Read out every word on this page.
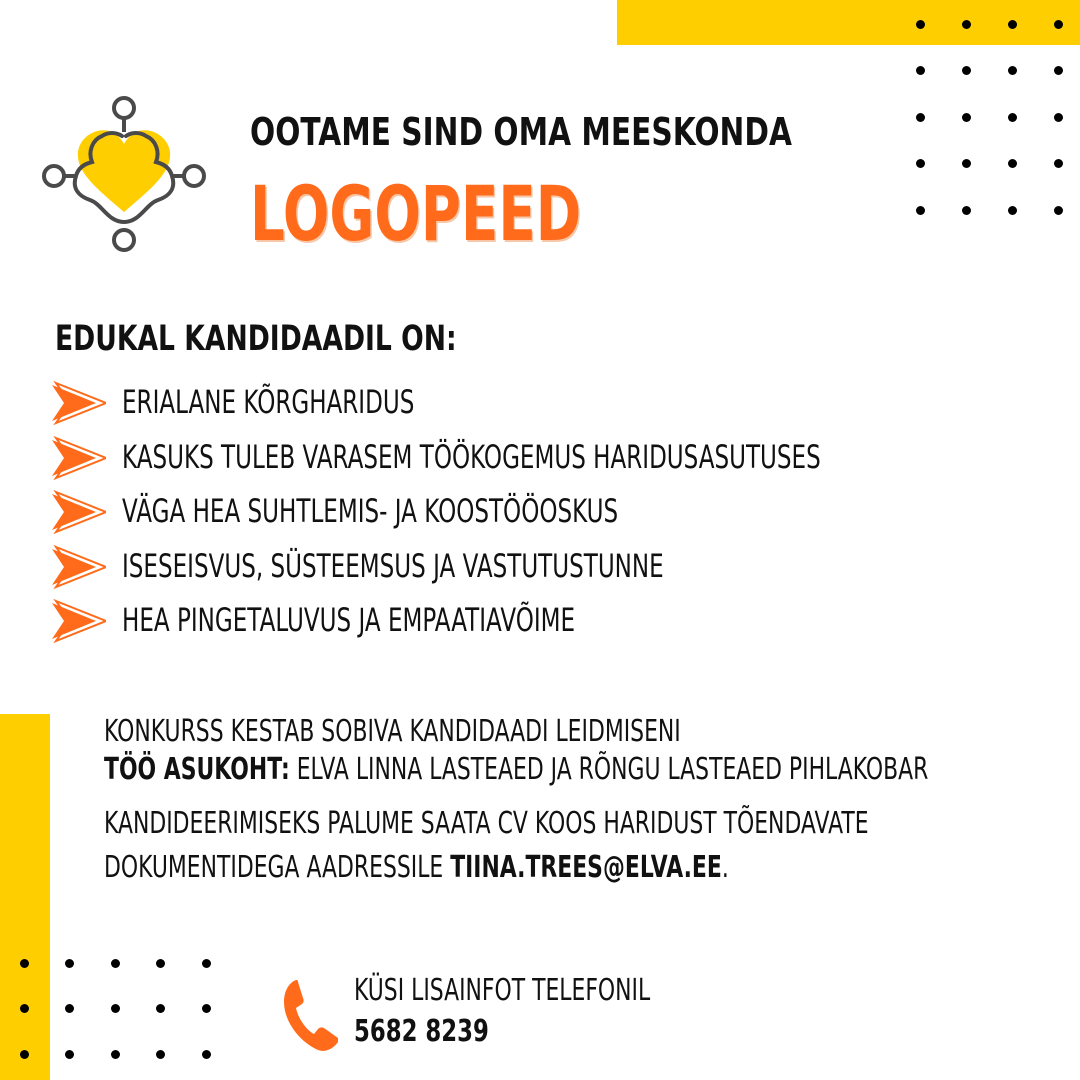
OOTAME SIND OMA MEESKONDA
LOGOPEED
EDUKAL KANDIDAADIL ON:
ERIALANE KÕRGHARIDUS
KASUKS TULEB VARASEM TÖÖKOGEMUS HARIDUSASUTUSES
VÄGA HEA SUHTLEMIS- JA KOOSTÖÖOSKUS
ISESEISVUS, SÜSTEEMSUS JA VASTUTUSTUNNE
HEA PINGETALUVUS JA EMPAATIAVÕIME
KONKURSS KESTAB SOBIVA KANDIDAADI LEIDMISENI
TÖÖ ASUKOHT: ELVA LINNA LASTEAED JA RÕNGU LASTEAED PIHLAKOBAR
KANDIDEERIMISEKS PALUME SAATA CV KOOS HARIDUST TÕENDAVATE
DOKUMENTIDEGA AADRESSILE TIINA.TREES@ELVA.EE.
KÜSI LISAINFOT TELEFONIL
5682 8239
